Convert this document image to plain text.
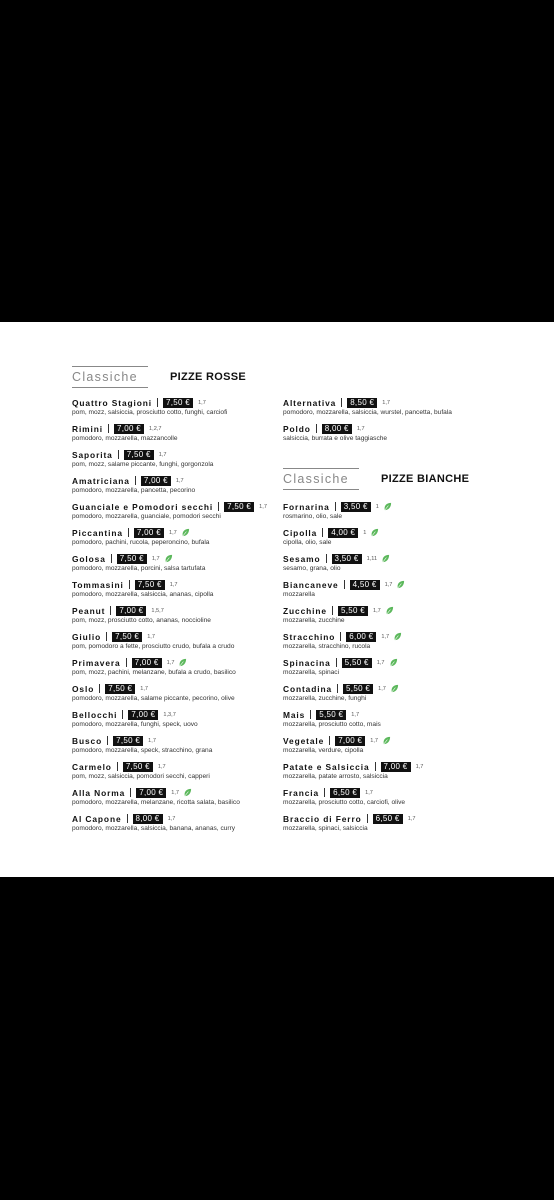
Classiche	PIZZE ROSSE
Quattro Stagioni	7,50 €	1,7
pom, mozz, salsiccia, prosciutto cotto, funghi, carciofi
Rimini	7,00 €	1,2,7
pomodoro, mozzarella, mazzancolle
Saporita	7,50 €	1,7
pom, mozz, salame piccante, funghi, gorgonzola
Amatriciana	7,00 €	1,7
pomodoro, mozzarella, pancetta, pecorino
Guanciale e Pomodori secchi	7,50 €	1,7
pomodoro, mozzarella, guanciale, pomodori secchi
Piccantina	7,00 €	1,7
pomodoro, pachini, rucola, peperoncino, bufala
Golosa	7,50 €	1,7
pomodoro, mozzarella, porcini, salsa tartufata
Tommasini	7,50 €	1,7
pomodoro, mozzarella, salsiccia, ananas, cipolla
Peanut	7,00 €	1,5,7
pom, mozz, prosciutto cotto, ananas, noccioline
Giulio	7,50 €	1,7
pom, pomodoro a fette, prosciutto crudo, bufala a crudo
Primavera	7,00 €	1,7
pom, mozz, pachini, melanzane, bufala a crudo, basilico
Oslo	7,50 €	1,7
pomodoro, mozzarella, salame piccante, pecorino, olive
Bellocchi	7,00 €	1,3,7
pomodoro, mozzarella, funghi, speck, uovo
Busco	7,50 €	1,7
pomodoro, mozzarella, speck, stracchino, grana
Carmelo	7,50 €	1,7
pom, mozz, salsiccia, pomodori secchi, capperi
Alla Norma	7,00 €	1,7
pomodoro, mozzarella, melanzane, ricotta salata, basilico
Al Capone	8,00 €	1,7
pomodoro, mozzarella, salsiccia, banana, ananas, curry
Alternativa	8,50 €	1,7
pomodoro, mozzarella, salsiccia, wurstel, pancetta, bufala
Poldo	8,00 €	1,7
salsiccia, burrata e olive taggiasche
Classiche	PIZZE BIANCHE
Fornarina	3,50 €	1
rosmarino, olio, sale
Cipolla	4,00 €	1
cipolla, olio, sale
Sesamo	3,50 €	1,11
sesamo, grana, olio
Biancaneve	4,50 €	1,7
mozzarella
Zucchine	5,50 €	1,7
mozzarella, zucchine
Stracchino	6,00 €	1,7
mozzarella, stracchino, rucola
Spinacina	5,50 €	1,7
mozzarella, spinaci
Contadina	5,50 €	1,7
mozzarella, zucchine, funghi
Mais	5,50 €	1,7
mozzarella, prosciutto cotto, mais
Vegetale	7,00 €	1,7
mozzarella, verdure, cipolla
Patate e Salsiccia	7,00 €	1,7
mozzarella, patate arrosto, salsiccia
Francia	6,50 €	1,7
mozzarella, prosciutto cotto, carciofi, olive
Braccio di Ferro	6,50 €	1,7
mozzarella, spinaci, salsiccia
